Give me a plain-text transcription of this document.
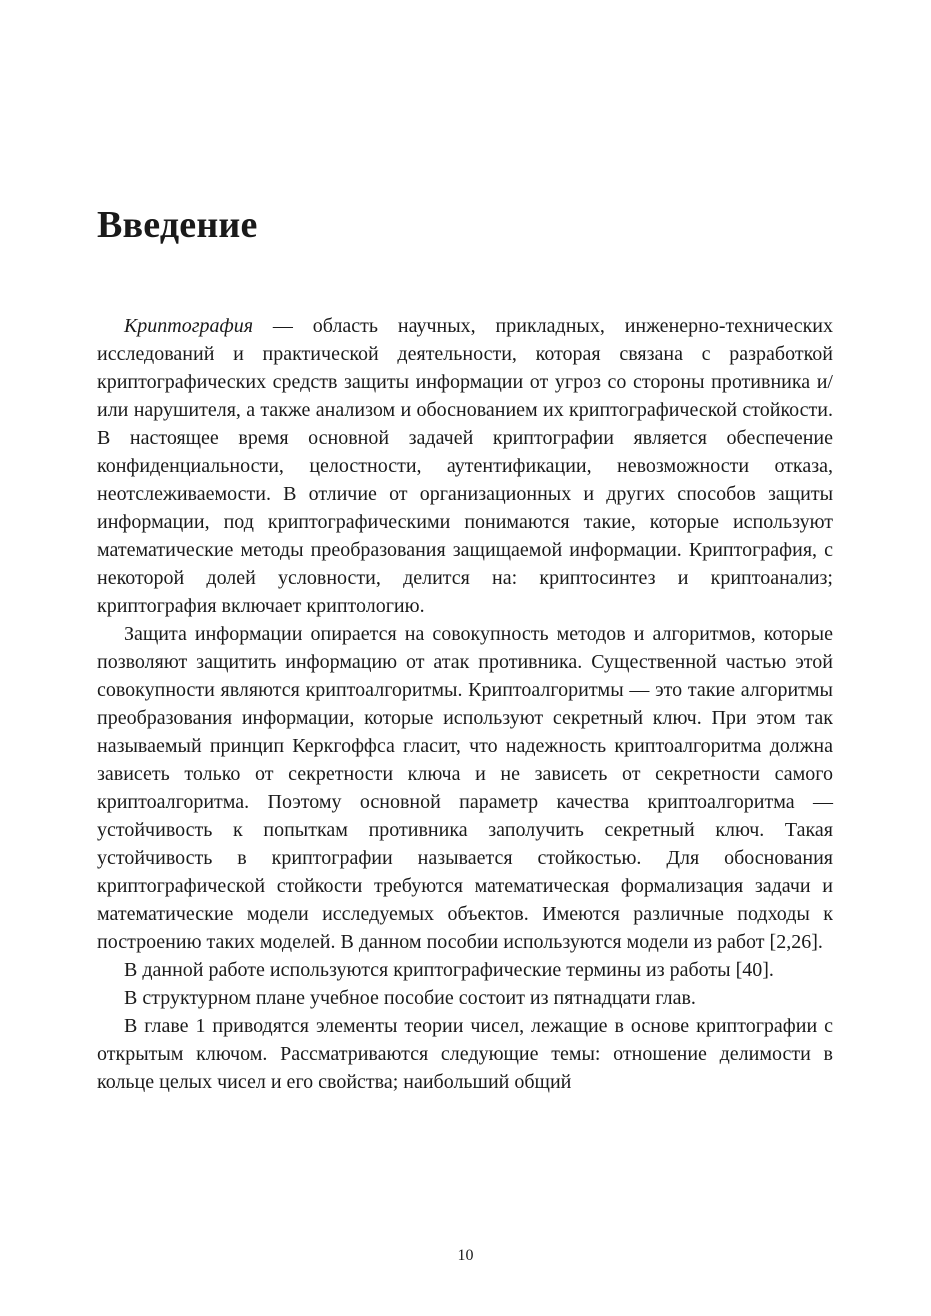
Введение

Криптография — область научных, прикладных, инженерно-технических исследований и практической деятельности, которая связана с разработкой криптографических средств защиты информации от угроз со стороны противника и/или нарушителя, а также анализом и обоснованием их криптографической стойкости. В настоящее время основной задачей криптографии является обеспечение конфиденциальности, целостности, аутентификации, невозможности отказа, неотслеживаемости. В отличие от организационных и других способов защиты информации, под криптографическими понимаются такие, которые используют математические методы преобразования защищаемой информации. Криптография, с некоторой долей условности, делится на: криптосинтез и криптоанализ; криптография включает криптологию.

Защита информации опирается на совокупность методов и алгоритмов, которые позволяют защитить информацию от атак противника. Существенной частью этой совокупности являются криптоалгоритмы. Криптоалгоритмы — это такие алгоритмы преобразования информации, которые используют секретный ключ. При этом так называемый принцип Керкгоффса гласит, что надежность криптоалгоритма должна зависеть только от секретности ключа и не зависеть от секретности самого криптоалгоритма. Поэтому основной параметр качества криптоалгоритма — устойчивость к попыткам противника заполучить секретный ключ. Такая устойчивость в криптографии называется стойкостью. Для обоснования криптографической стойкости требуются математическая формализация задачи и математические модели исследуемых объектов. Имеются различные подходы к построению таких моделей. В данном пособии используются модели из работ [2,26].

В данной работе используются криптографические термины из работы [40].

В структурном плане учебное пособие состоит из пятнадцати глав.

В главе 1 приводятся элементы теории чисел, лежащие в основе криптографии с открытым ключом. Рассматриваются следующие темы: отношение делимости в кольце целых чисел и его свойства; наибольший общий

10
